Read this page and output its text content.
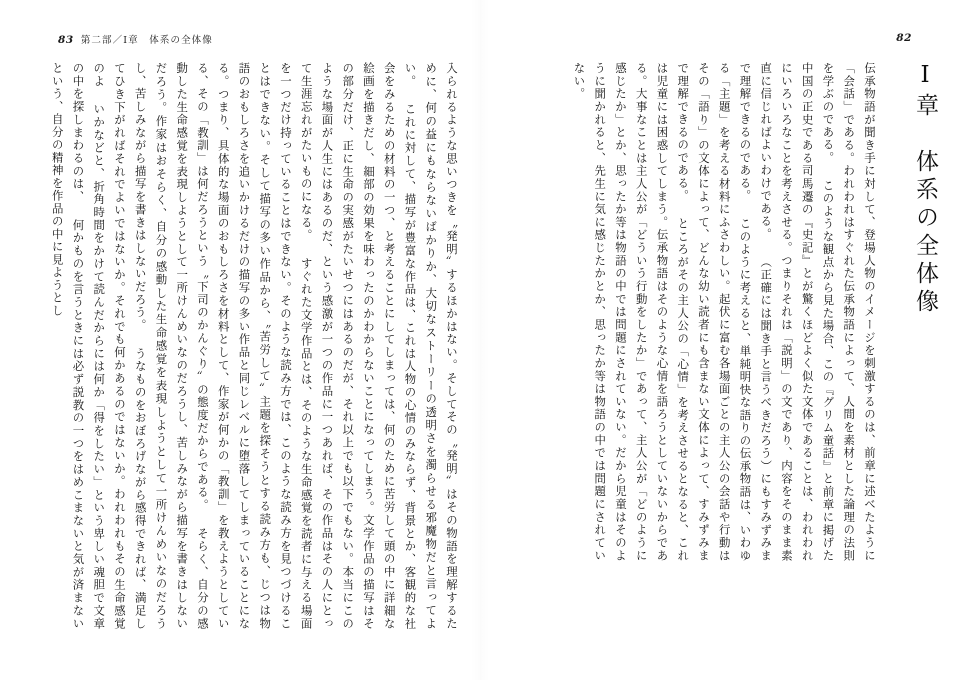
83 第二部／I章　体系の全体像
入られるような思いつきを〝発明〟するほかはない。そしてその〝発明〟はその物語を理解するために、何の益にもならないばかりか、大切なストーリーの透明さを濁らせる邪魔物だと言ってよい。 これに対して、描写が豊富な作品は、これは人物の心情のみならず、背景とか、客観的な社会をみるための材料の一つ、と考えることにしてしまっては、何のために苦労して頭の中に詳細な絵画を描きだし、細部の効果を味わったのかわからないことになってしまう。文学作品の描写はその部分だけ、正に生命の実感がたいせつにはあるのだが、それ以上でも以下でもない。本当にこのような場面が人生にはあるのだ、という感激が一つの作品に一つあれば、その作品はその人にとって生涯忘れがたいものになる。 すぐれた文学作品とは、そのような生命感覚を読者に与える場面を一つだけ持っていることはできない。そのような読み方では、このような読み方を見つづけることはできない。そして描写の多い作品から、〝苦労して〟主題を探そうとする読み方も、じつは物語のおもしろさを追いかけるだけの描写の多い作品と同じレベルに堕落してしまっていることになる。つまり、具体的な場面のおもしろさを材料として、作家が何かの「教訓」を教えようとしている、その「教訓」は何だろうという〝下司のかんぐり〟の態度だからである。 そらく、自分の感動した生命感覚を表現しようとして一所けんめいなのだろうし、苦しみながら描写を書きはしないだろう。作家はおそらく、自分の感動した生命感覚を表現しようとして一所けんめいなのだろうし、苦しみながら描写を書きはしないだろう。 うなものをおぼろげながら感得できれば、満足してひき下がればそれでよいではないか。それでも何かあるのではないか。われわれもその生命感覚のよ いかなどと、折角時間をかけて読んだからには何か「得をしたい」という卑しい魂胆で文章の中を探しまわるのは、 何かものを言うときには必ず説教の一つをはめこまないと気が済まないという、自分の精神を作品の中に見ようとし
82
I章　体系の全体像
伝承物語が聞き手に対して、登場人物のイメージを刺激するのは、前章に述べたように「会話」である。われわれはすぐれた伝承物語によって、人間を素材とした論理の法則を学ぶのである。 このような観点から見た場合、この『グリム童話』と前章に掲げた中国の正史である司馬遷の『史記』とが驚くほどよく似た文体であることは、われわれにいろいろなことを考えさせる。つまりそれは「説明」の文であり、内容をそのまま素直に信じればよいわけである。 （正確には聞き手と言うべきだろう）にもすみずみまで理解できるのである。 このように考えると、単純明快な語りの伝承物語は、いわゆる「主題」を考える材料にふさわしい。起伏に富む各場面ごとの主人公の会話や行動はその「語り」の文体によって、どんな幼い読者にも含まない文体によって、すみずみまで理解できるのである。 ところがその主人公の「心情」を考えさせるとなると、これは児童には困惑してしまう。伝承物語はそのような心情を語ろうとしていないからである。大事なことは主人公が「どういう行動をしたか」であって、主人公が「どのように感じたか」とか、思ったか等は物語の中では問題にされていない。だから児童はそのように聞かれると、先生に気に感じたかとか、思ったか等は物語の中では問題にされていない。
